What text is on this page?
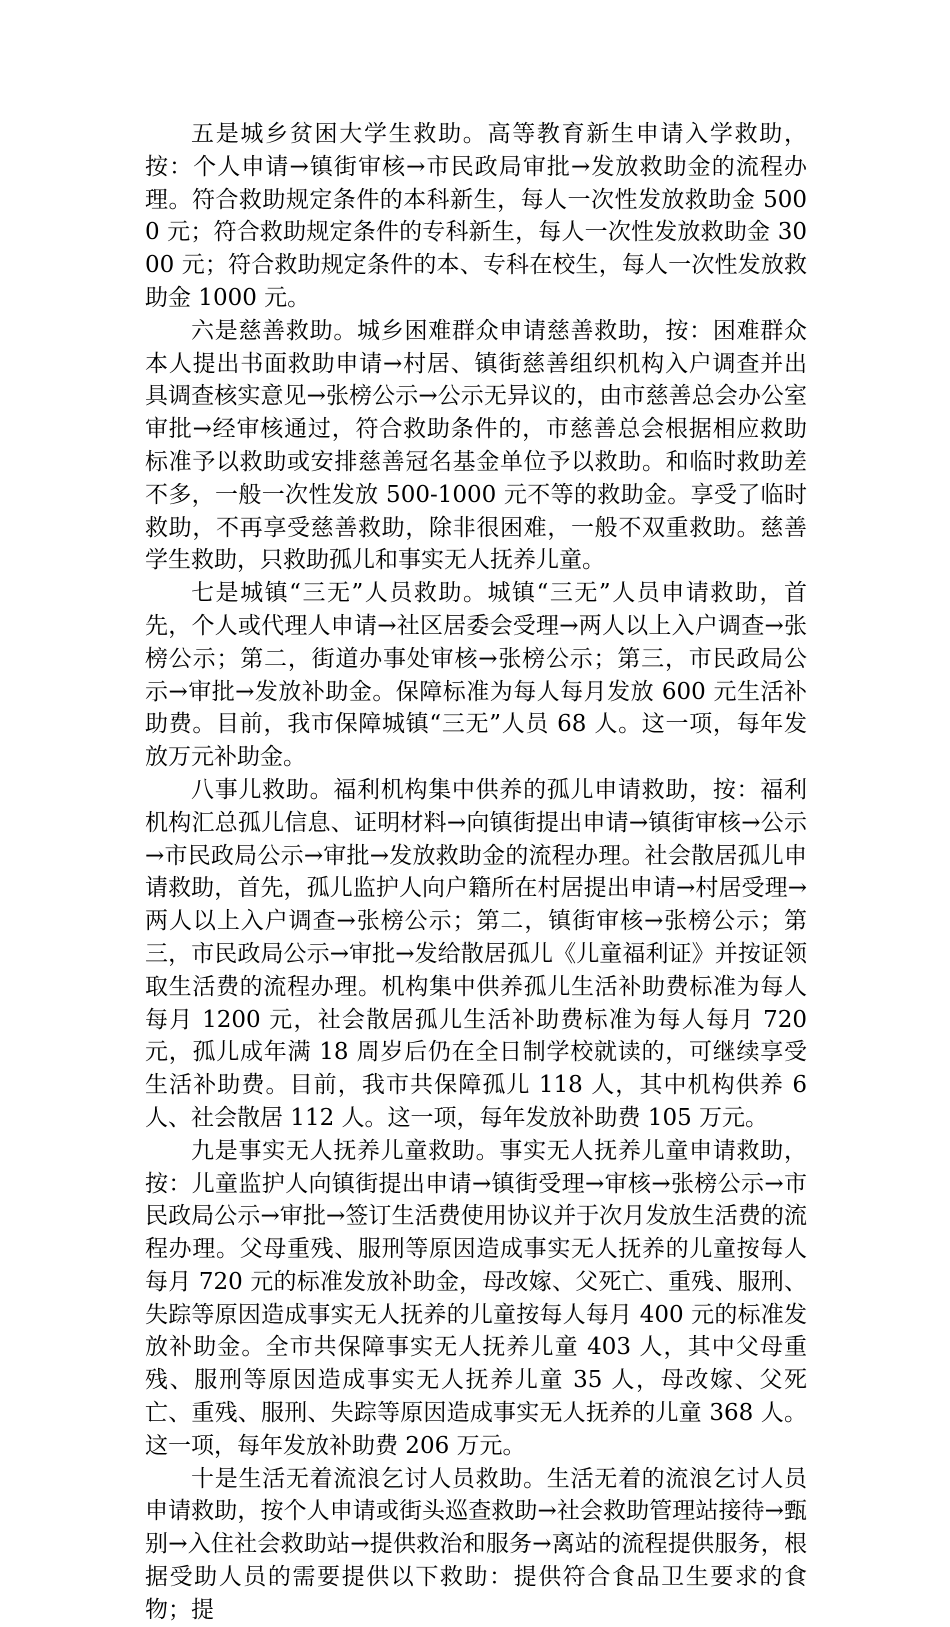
五是城乡贫困大学生救助。高等教育新生申请入学救助，按：个人申请→镇街审核→市民政局审批→发放救助金的流程办理。符合救助规定条件的本科新生，每人一次性发放救助金 5000 元；符合救助规定条件的专科新生，每人一次性发放救助金 3000 元；符合救助规定条件的本、专科在校生，每人一次性发放救助金 1000 元。

六是慈善救助。城乡困难群众申请慈善救助，按：困难群众本人提出书面救助申请→村居、镇街慈善组织机构入户调查并出具调查核实意见→张榜公示→公示无异议的，由市慈善总会办公室审批→经审核通过，符合救助条件的，市慈善总会根据相应救助标准予以救助或安排慈善冠名基金单位予以救助。和临时救助差不多，一般一次性发放 500-1000 元不等的救助金。享受了临时救助，不再享受慈善救助，除非很困难，一般不双重救助。慈善学生救助，只救助孤儿和事实无人抚养儿童。

七是城镇“三无”人员救助。城镇“三无”人员申请救助，首先，个人或代理人申请→社区居委会受理→两人以上入户调查→张榜公示；第二，街道办事处审核→张榜公示；第三，市民政局公示→审批→发放补助金。保障标准为每人每月发放 600 元生活补助费。目前，我市保障城镇“三无”人员 68 人。这一项，每年发放万元补助金。

八事儿救助。福利机构集中供养的孤儿申请救助，按：福利机构汇总孤儿信息、证明材料→向镇街提出申请→镇街审核→公示→市民政局公示→审批→发放救助金的流程办理。社会散居孤儿申请救助，首先，孤儿监护人向户籍所在村居提出申请→村居受理→两人以上入户调查→张榜公示；第二，镇街审核→张榜公示；第三，市民政局公示→审批→发给散居孤儿《儿童福利证》并按证领取生活费的流程办理。机构集中供养孤儿生活补助费标准为每人每月 1200 元，社会散居孤儿生活补助费标准为每人每月 720 元，孤儿成年满 18 周岁后仍在全日制学校就读的，可继续享受生活补助费。目前，我市共保障孤儿 118 人，其中机构供养 6 人、社会散居 112 人。这一项，每年发放补助费 105 万元。

九是事实无人抚养儿童救助。事实无人抚养儿童申请救助，按：儿童监护人向镇街提出申请→镇街受理→审核→张榜公示→市民政局公示→审批→签订生活费使用协议并于次月发放生活费的流程办理。父母重残、服刑等原因造成事实无人抚养的儿童按每人每月 720 元的标准发放补助金，母改嫁、父死亡、重残、服刑、失踪等原因造成事实无人抚养的儿童按每人每月 400 元的标准发放补助金。全市共保障事实无人抚养儿童 403 人，其中父母重残、服刑等原因造成事实无人抚养儿童 35 人，母改嫁、父死亡、重残、服刑、失踪等原因造成事实无人抚养的儿童 368 人。这一项，每年发放补助费 206 万元。

十是生活无着流浪乞讨人员救助。生活无着的流浪乞讨人员申请救助，按个人申请或街头巡查救助→社会救助管理站接待→甄别→入住社会救助站→提供救治和服务→离站的流程提供服务，根据受助人员的需要提供以下救助：提供符合食品卫生要求的食物；提
